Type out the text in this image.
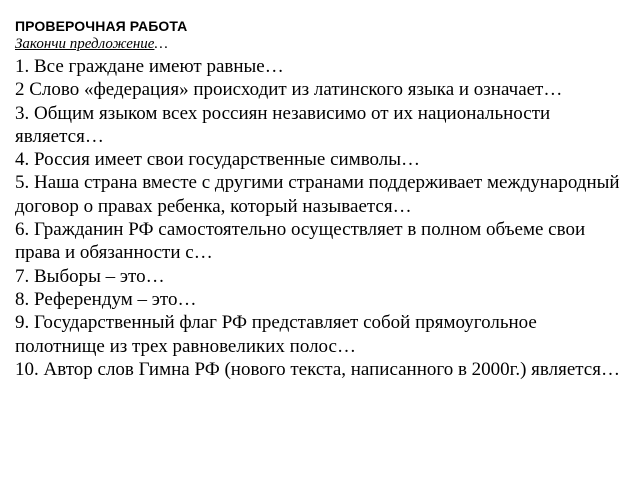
ПРОВЕРОЧНАЯ РАБОТА
Закончи предложение…
1. Все граждане имеют равные…
2 Слово «федерация» происходит из латинского языка и означает…
3. Общим языком всех россиян независимо от их национальности является…
4. Россия имеет свои государственные символы…
5. Наша страна вместе с другими странами поддерживает международный договор о правах ребенка, который называется…
6. Гражданин РФ самостоятельно осуществляет в полном объеме свои права и обязанности с…
7. Выборы – это…
8. Референдум – это…
9. Государственный флаг РФ представляет собой прямоугольное полотнище из трех равновеликих полос…
10. Автор слов Гимна РФ (нового текста, написанного в 2000г.) является…
